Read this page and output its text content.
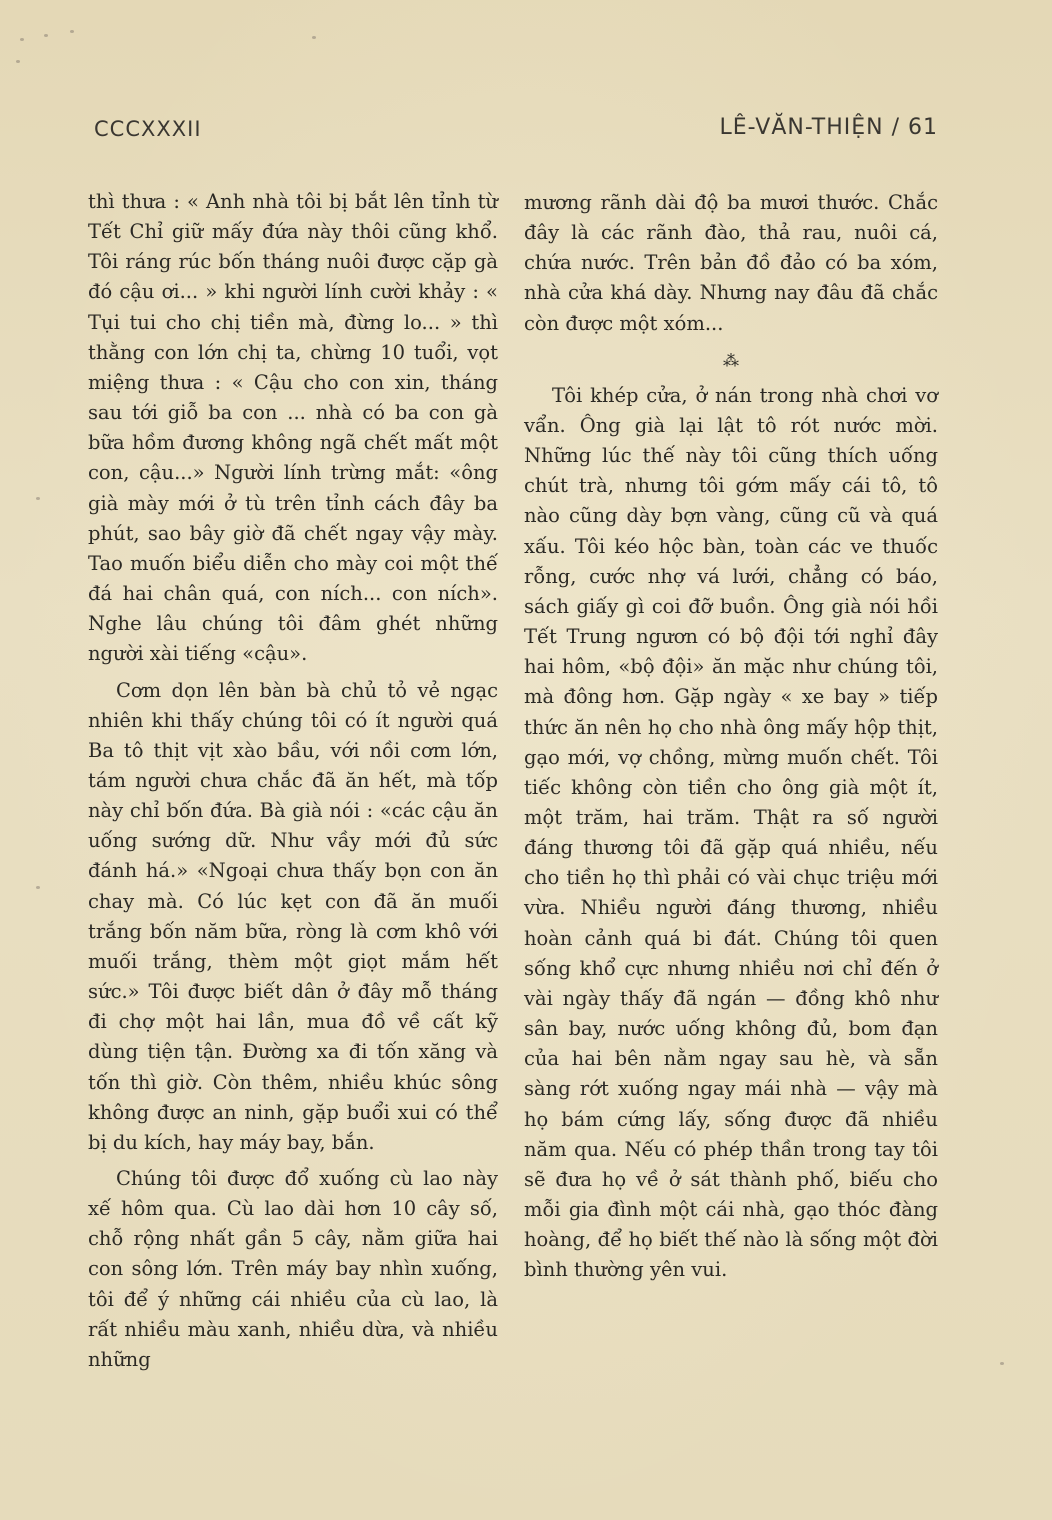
CCCXXXII	LÊ-VĂN-THIỆN / 61

thì thưa : « Anh nhà tôi bị bắt lên tỉnh từ Tết Chỉ giữ mấy đứa này thôi cũng khổ. Tôi ráng rúc bốn tháng nuôi được cặp gà đó cậu ơi... » khi người lính cười khảy : « Tụi tui cho chị tiền mà, đừng lo... » thì thằng con lớn chị ta, chừng 10 tuổi, vọt miệng thưa : « Cậu cho con xin, tháng sau tới giỗ ba con ... nhà có ba con gà bữa hồm đương không ngã chết mất một con, cậu...» Người lính trừng mắt: «ông già mày mới ở tù trên tỉnh cách đây ba phút, sao bây giờ đã chết ngay vậy mày. Tao muốn biểu diễn cho mày coi một thế đá hai chân quá, con ních... con ních». Nghe lâu chúng tôi đâm ghét những người xài tiếng «cậu».

Cơm dọn lên bàn bà chủ tỏ vẻ ngạc nhiên khi thấy chúng tôi có ít người quá Ba tô thịt vịt xào bầu, với nồi cơm lớn, tám người chưa chắc đã ăn hết, mà tốp này chỉ bốn đứa. Bà già nói : «các cậu ăn uống sướng dữ. Như vầy mới đủ sức đánh há.» «Ngoại chưa thấy bọn con ăn chay mà. Có lúc kẹt con đã ăn muối trắng bốn năm bữa, ròng là cơm khô với muối trắng, thèm một giọt mắm hết sức.» Tôi được biết dân ở đây mỗ tháng đi chợ một hai lần, mua đồ về cất kỹ dùng tiện tận. Đường xa đi tốn xăng và tốn thì giờ. Còn thêm, nhiều khúc sông không được an ninh, gặp buổi xui có thể bị du kích, hay máy bay, bắn.

Chúng tôi được đổ xuống cù lao này xế hôm qua. Cù lao dài hơn 10 cây số, chỗ rộng nhất gần 5 cây, nằm giữa hai con sông lớn. Trên máy bay nhìn xuống, tôi để ý những cái nhiều của cù lao, là rất nhiều màu xanh, nhiều dừa, và nhiều những

mương rãnh dài độ ba mươi thước. Chắc đây là các rãnh đào, thả rau, nuôi cá, chứa nước. Trên bản đồ đảo có ba xóm, nhà cửa khá dày. Nhưng nay đâu đã chắc còn được một xóm...

⁂

Tôi khép cửa, ở nán trong nhà chơi vơ vẩn. Ông già lại lật tô rót nước mời. Những lúc thế này tôi cũng thích uống chút trà, nhưng tôi gớm mấy cái tô, tô nào cũng dày bợn vàng, cũng cũ và quá xấu. Tôi kéo hộc bàn, toàn các ve thuốc rỗng, cước nhợ vá lưới, chẳng có báo, sách giấy gì coi đỡ buồn. Ông già nói hồi Tết Trung ngươn có bộ đội tới nghỉ đây hai hôm, «bộ đội» ăn mặc như chúng tôi, mà đông hơn. Gặp ngày « xe bay » tiếp thức ăn nên họ cho nhà ông mấy hộp thịt, gạo mới, vợ chồng, mừng muốn chết. Tôi tiếc không còn tiền cho ông già một ít, một trăm, hai trăm. Thật ra số người đáng thương tôi đã gặp quá nhiều, nếu cho tiền họ thì phải có vài chục triệu mới vừa. Nhiều người đáng thương, nhiều hoàn cảnh quá bi đát. Chúng tôi quen sống khổ cực nhưng nhiều nơi chỉ đến ở vài ngày thấy đã ngán — đồng khô như sân bay, nước uống không đủ, bom đạn của hai bên nằm ngay sau hè, và sẵn sàng rớt xuống ngay mái nhà — vậy mà họ bám cứng lấy, sống được đã nhiều năm qua. Nếu có phép thần trong tay tôi sẽ đưa họ về ở sát thành phố, biếu cho mỗi gia đình một cái nhà, gạo thóc đàng hoàng, để họ biết thế nào là sống một đời bình thường yên vui.
